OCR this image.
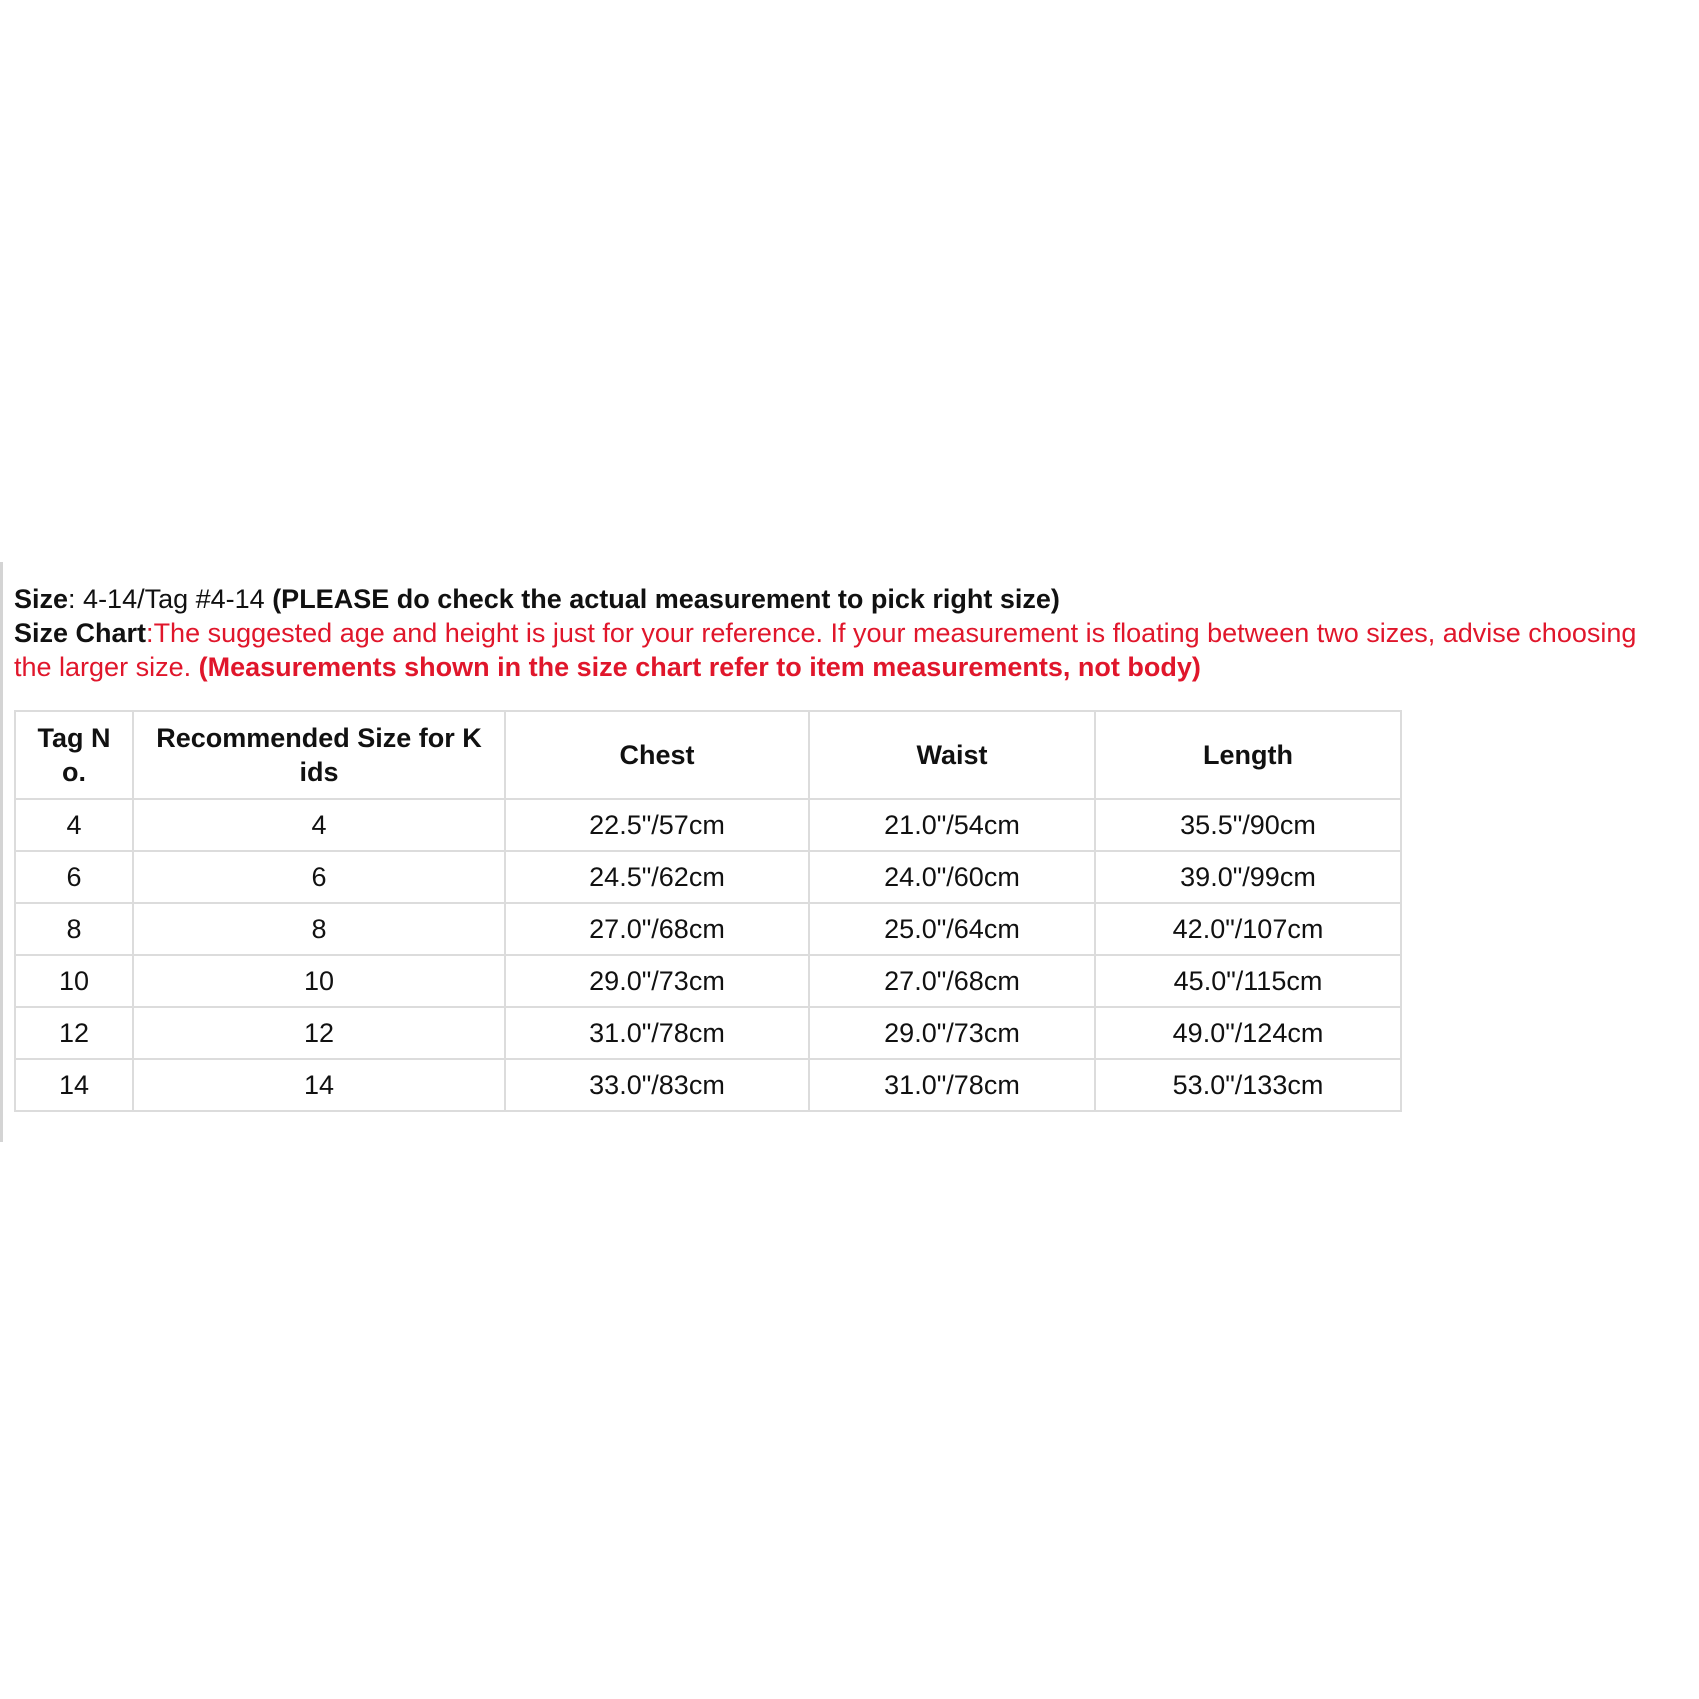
Size: 4-14/Tag #4-14 (PLEASE do check the actual measurement to pick right size)
Size Chart:The suggested age and height is just for your reference. If your measurement is floating between two sizes, advise choosing the larger size. (Measurements shown in the size chart refer to item measurements, not body)
Tag N o.	Recommended Size for K ids	Chest	Waist	Length
4	4	22.5"/57cm	21.0"/54cm	35.5"/90cm
6	6	24.5"/62cm	24.0"/60cm	39.0"/99cm
8	8	27.0"/68cm	25.0"/64cm	42.0"/107cm
10	10	29.0"/73cm	27.0"/68cm	45.0"/115cm
12	12	31.0"/78cm	29.0"/73cm	49.0"/124cm
14	14	33.0"/83cm	31.0"/78cm	53.0"/133cm
